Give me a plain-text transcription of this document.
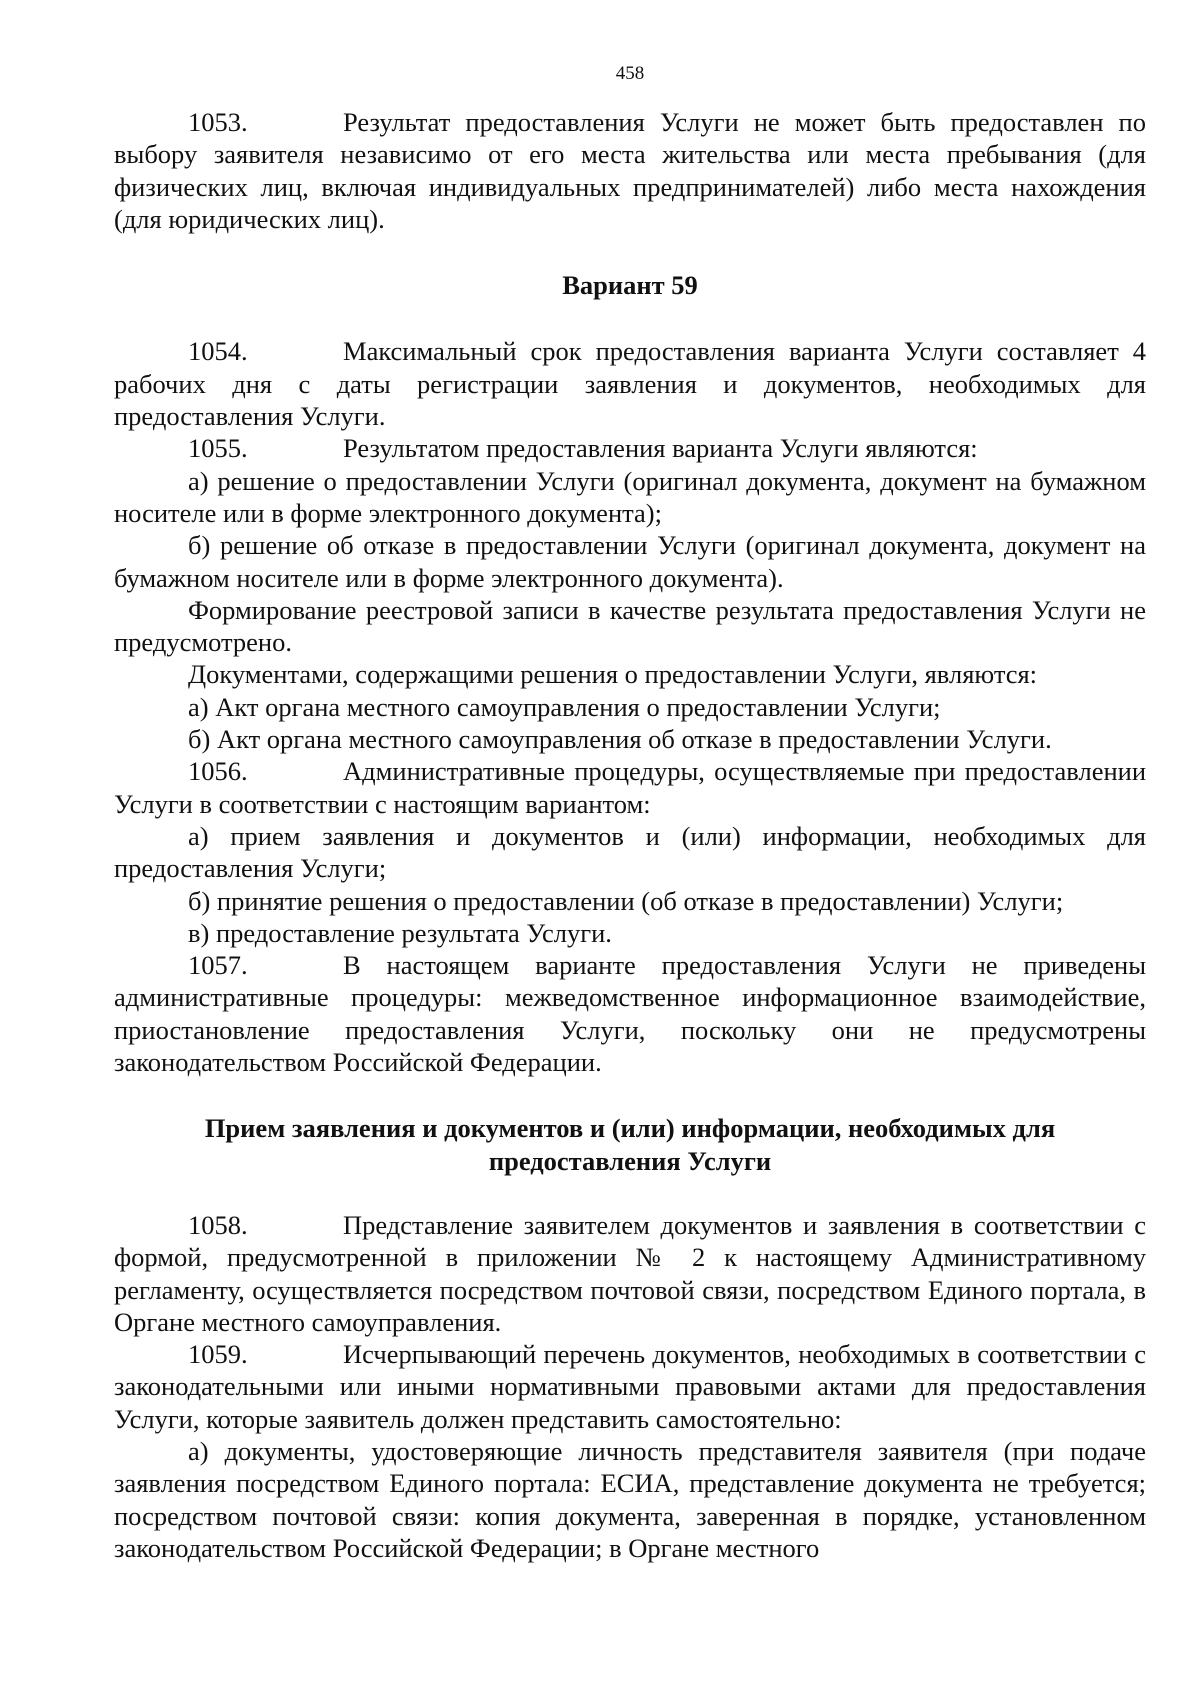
458

1053.	Результат предоставления Услуги не может быть предоставлен по выбору заявителя независимо от его места жительства или места пребывания (для физических лиц, включая индивидуальных предпринимателей) либо места нахождения (для юридических лиц).

Вариант 59

1054.	Максимальный срок предоставления варианта Услуги составляет 4 рабочих дня с даты регистрации заявления и документов, необходимых для предоставления Услуги.

1055.	Результатом предоставления варианта Услуги являются:

а) решение о предоставлении Услуги (оригинал документа, документ на бумажном носителе или в форме электронного документа);

б) решение об отказе в предоставлении Услуги (оригинал документа, документ на бумажном носителе или в форме электронного документа).

Формирование реестровой записи в качестве результата предоставления Услуги не предусмотрено.

Документами, содержащими решения о предоставлении Услуги, являются:

а) Акт органа местного самоуправления о предоставлении Услуги;

б) Акт органа местного самоуправления об отказе в предоставлении Услуги.

1056.	Административные процедуры, осуществляемые при предоставлении Услуги в соответствии с настоящим вариантом:

а) прием заявления и документов и (или) информации, необходимых для предоставления Услуги;

б) принятие решения о предоставлении (об отказе в предоставлении) Услуги;

в) предоставление результата Услуги.

1057.	В настоящем варианте предоставления Услуги не приведены административные процедуры: межведомственное информационное взаимодействие, приостановление предоставления Услуги, поскольку они не предусмотрены законодательством Российской Федерации.

Прием заявления и документов и (или) информации, необходимых для
предоставления Услуги

1058.	Представление заявителем документов и заявления в соответствии с формой, предусмотренной в приложении № 2 к настоящему Административному регламенту, осуществляется посредством почтовой связи, посредством Единого портала, в Органе местного самоуправления.

1059.	Исчерпывающий перечень документов, необходимых в соответствии с законодательными или иными нормативными правовыми актами для предоставления Услуги, которые заявитель должен представить самостоятельно:

а) документы, удостоверяющие личность представителя заявителя (при подаче заявления посредством Единого портала: ЕСИА, представление документа не требуется; посредством почтовой связи: копия документа, заверенная в порядке, установленном законодательством Российской Федерации; в Органе местного
